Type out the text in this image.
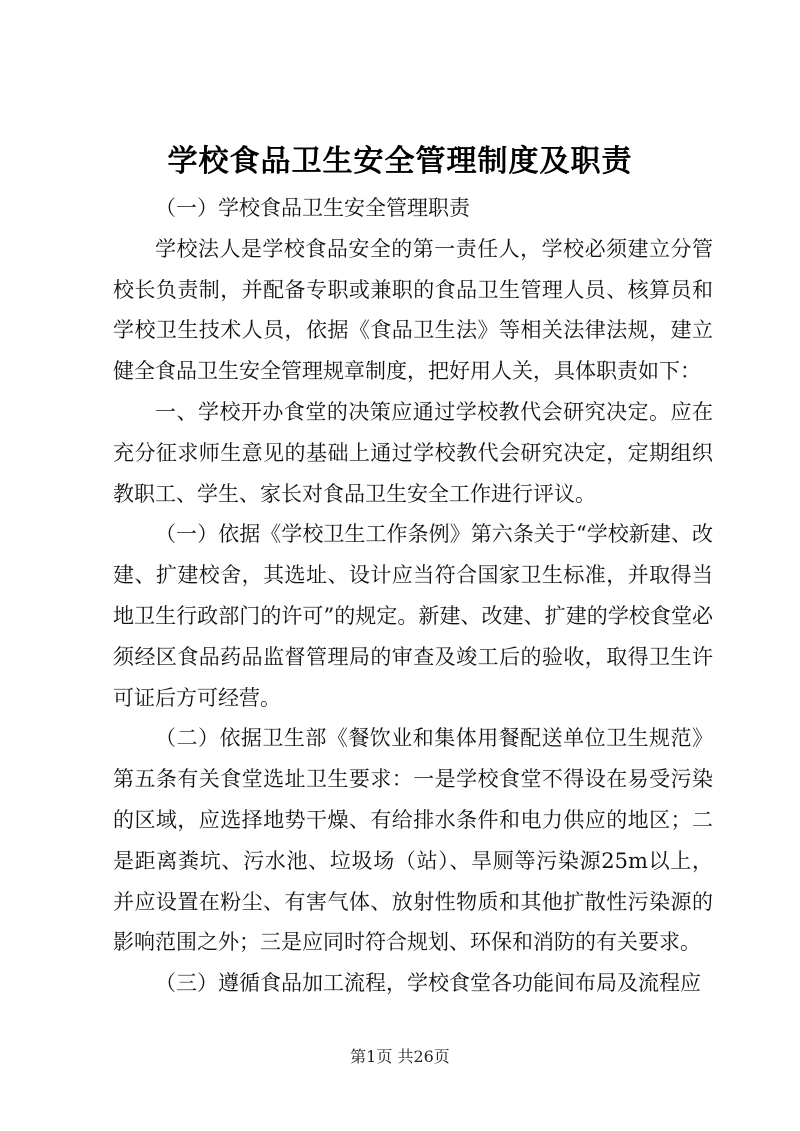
学校食品卫生安全管理制度及职责

（一）学校食品卫生安全管理职责

学校法人是学校食品安全的第一责任人，学校必须建立分管校长负责制，并配备专职或兼职的食品卫生管理人员、核算员和学校卫生技术人员，依据《食品卫生法》等相关法律法规，建立健全食品卫生安全管理规章制度，把好用人关，具体职责如下：

一、学校开办食堂的决策应通过学校教代会研究决定。应在充分征求师生意见的基础上通过学校教代会研究决定，定期组织教职工、学生、家长对食品卫生安全工作进行评议。

（一）依据《学校卫生工作条例》第六条关于“学校新建、改建、扩建校舍，其选址、设计应当符合国家卫生标准，并取得当地卫生行政部门的许可”的规定。新建、改建、扩建的学校食堂必须经区食品药品监督管理局的审查及竣工后的验收，取得卫生许可证后方可经营。

（二）依据卫生部《餐饮业和集体用餐配送单位卫生规范》第五条有关食堂选址卫生要求：一是学校食堂不得设在易受污染的区域，应选择地势干燥、有给排水条件和电力供应的地区；二是距离粪坑、污水池、垃圾场（站）、旱厕等污染源25m以上，并应设置在粉尘、有害气体、放射性物质和其他扩散性污染源的影响范围之外；三是应同时符合规划、环保和消防的有关要求。

（三）遵循食品加工流程，学校食堂各功能间布局及流程应

第1页 共26页
